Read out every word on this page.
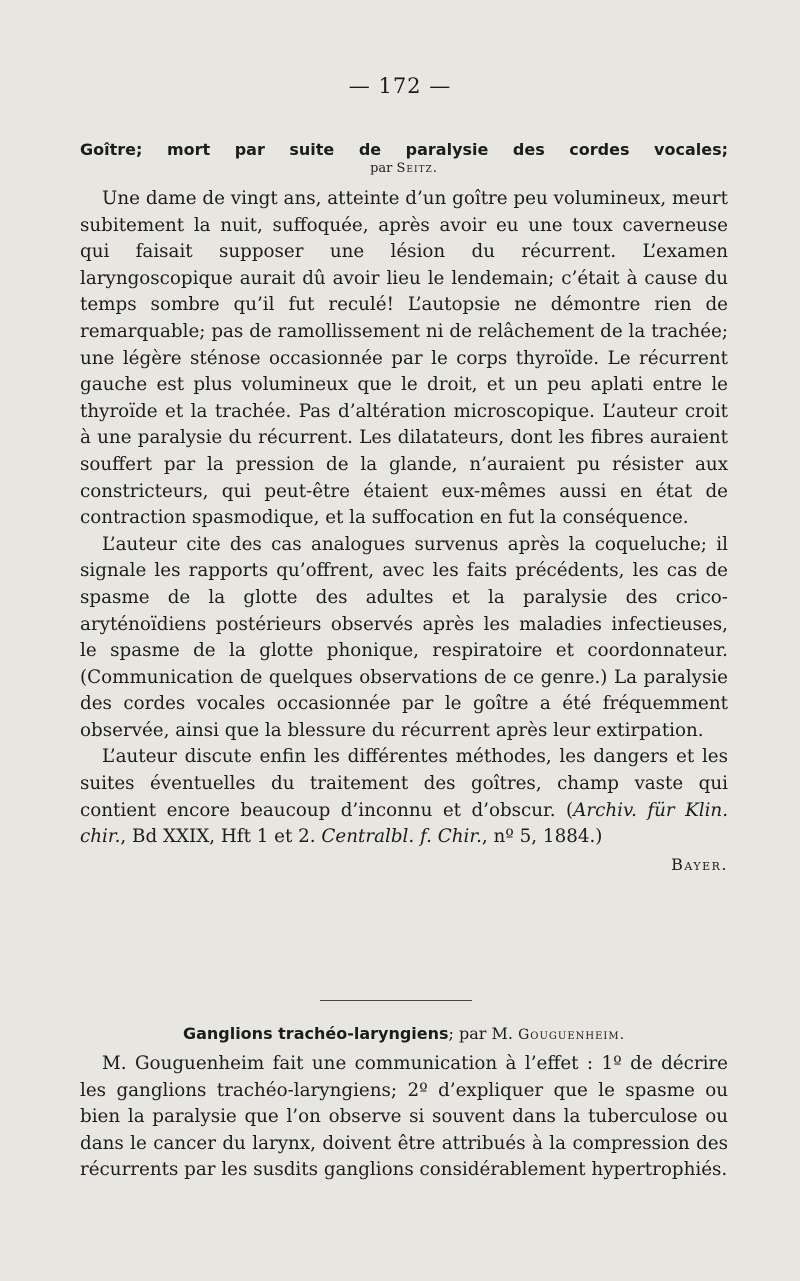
— 172 —
Goître; mort par suite de paralysie des cordes vocales;
par Seitz.

Une dame de vingt ans, atteinte d’un goître peu volumineux, meurt subitement la nuit, suffoquée, après avoir eu une toux caverneuse qui faisait supposer une lésion du récurrent. L’examen laryngoscopique aurait dû avoir lieu le lendemain; c’était à cause du temps sombre qu’il fut reculé! L’autopsie ne démontre rien de remarquable; pas de ramollissement ni de relâchement de la trachée; une légère sténose occasionnée par le corps thyroïde. Le récurrent gauche est plus volumineux que le droit, et un peu aplati entre le thyroïde et la trachée. Pas d’altération microscopique. L’auteur croit à une paralysie du récurrent. Les dilatateurs, dont les fibres auraient souffert par la pression de la glande, n’auraient pu résister aux constricteurs, qui peut-être étaient eux-mêmes aussi en état de contraction spasmodique, et la suffocation en fut la conséquence.

L’auteur cite des cas analogues survenus après la coqueluche; il signale les rapports qu’offrent, avec les faits précédents, les cas de spasme de la glotte des adultes et la paralysie des crico-aryténoïdiens postérieurs observés après les maladies infectieuses, le spasme de la glotte phonique, respiratoire et coordonnateur. (Communication de quelques observations de ce genre.) La paralysie des cordes vocales occasionnée par le goître a été fréquemment observée, ainsi que la blessure du récurrent après leur extirpation.

L’auteur discute enfin les différentes méthodes, les dangers et les suites éventuelles du traitement des goîtres, champ vaste qui contient encore beaucoup d’inconnu et d’obscur. (Archiv. für Klin. chir., Bd XXIX, Hft 1 et 2. Centralbl. f. Chir., nº 5, 1884.)

Bayer.
Ganglions trachéo-laryngiens; par M. Gouguenheim.

M. Gouguenheim fait une communication à l’effet : 1º de décrire les ganglions trachéo-laryngiens; 2º d’expliquer que le spasme ou bien la paralysie que l’on observe si souvent dans la tuberculose ou dans le cancer du larynx, doivent être attribués à la compression des récurrents par les susdits ganglions considérablement hypertrophiés.
